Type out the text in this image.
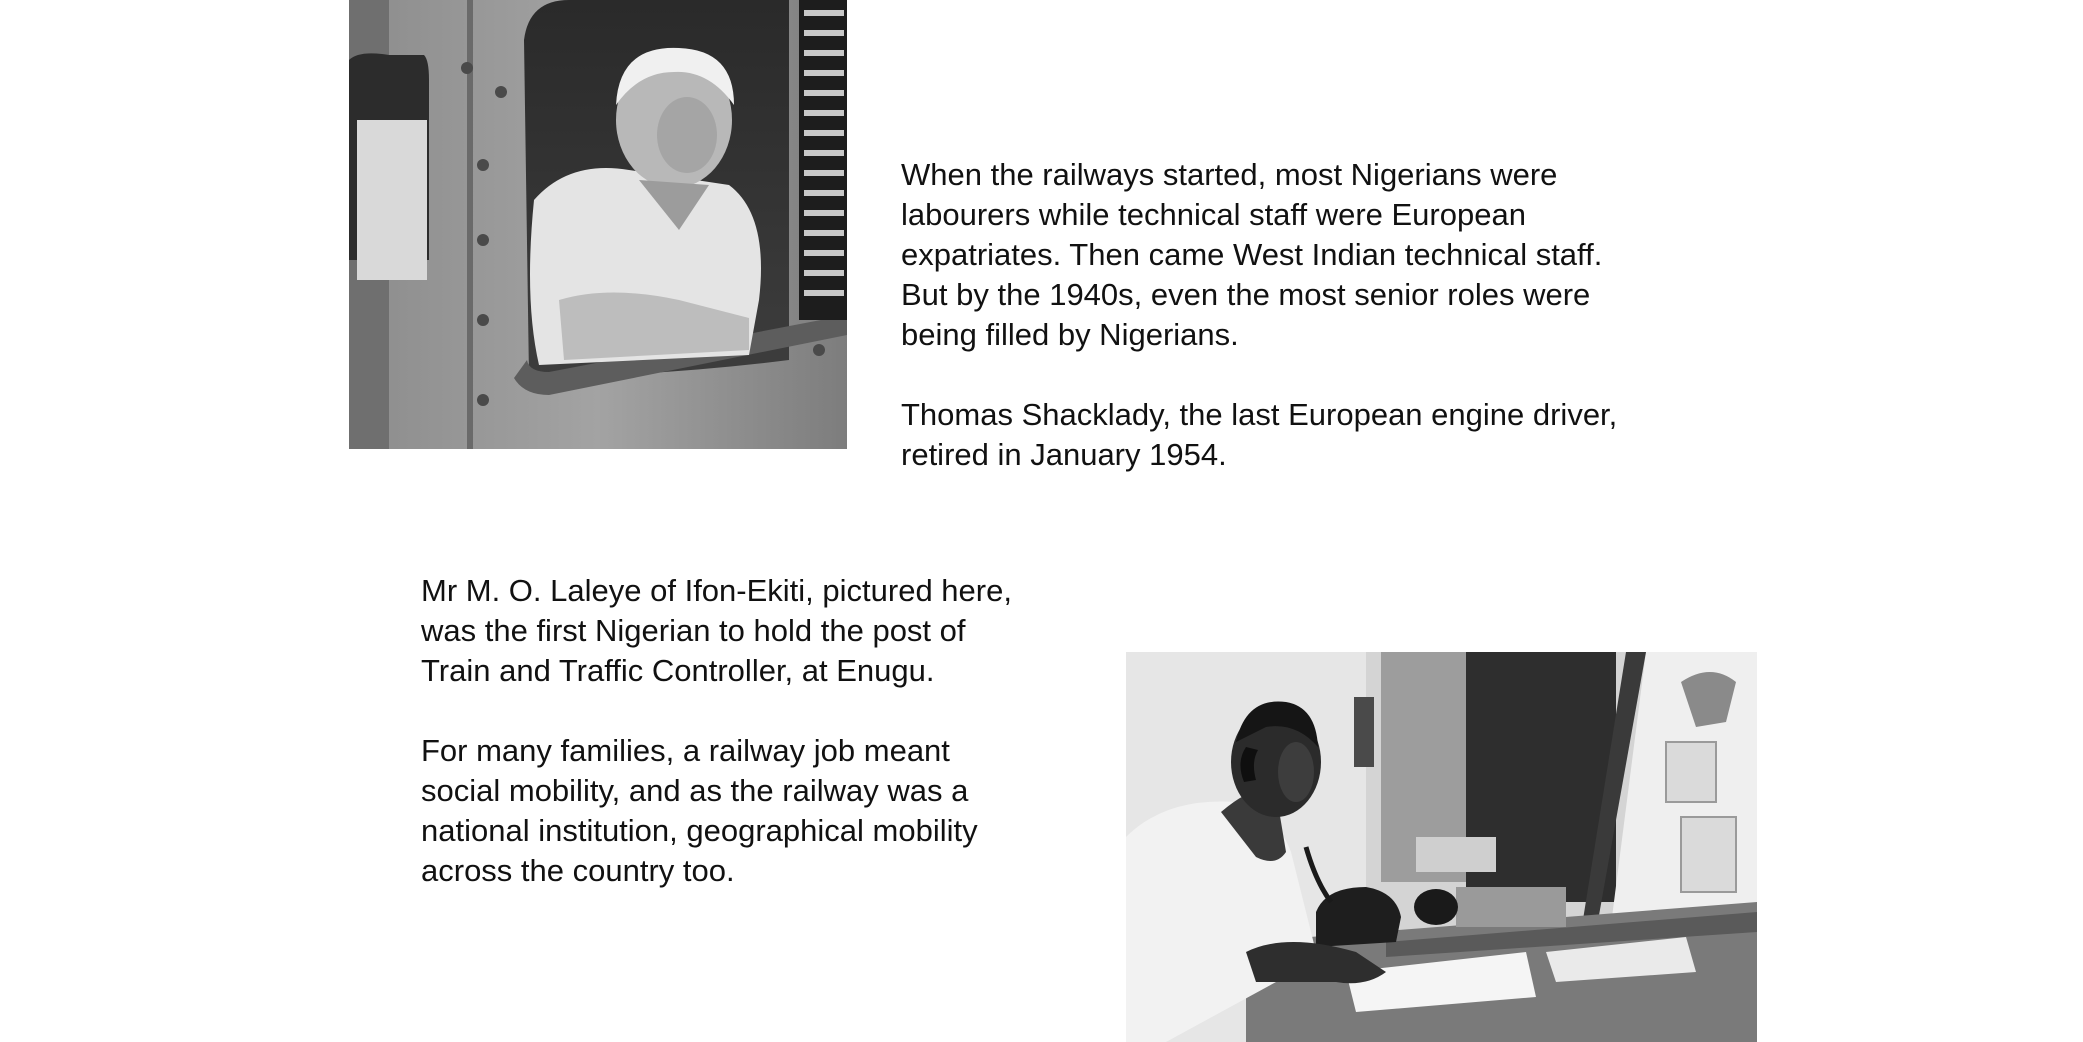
When the railways started, most Nigerians were
labourers while technical staff were European
expatriates. Then came West Indian technical staff.
But by the 1940s, even the most senior roles were
being filled by Nigerians.

Thomas Shacklady, the last European engine driver,
retired in January 1954.

Mr M. O. Laleye of Ifon-Ekiti, pictured here,
was the first Nigerian to hold the post of
Train and Traffic Controller, at Enugu.

For many families, a railway job meant
social mobility, and as the railway was a
national institution, geographical mobility
across the country too.
